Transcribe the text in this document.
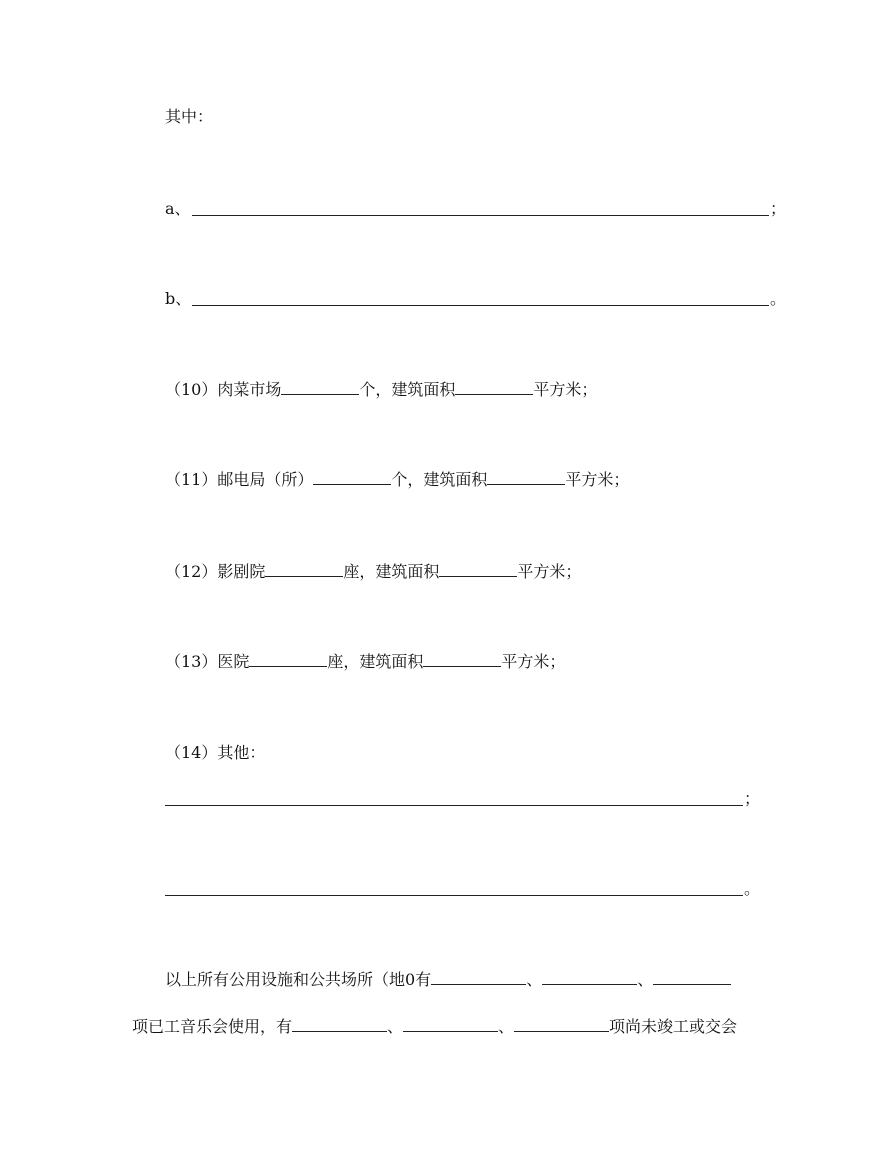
其中：
a、	；
b、	。
（10）肉菜市场	个，建筑面积	平方米；
（11）邮电局（所）	个，建筑面积	平方米；
（12）影剧院	座，建筑面积	平方米；
（13）医院	座，建筑面积	平方米；
（14）其他：
；
。
以上所有公用设施和公共场所（地0有	、	、
项已工音乐会使用，有	、	、	项尚未竣工或交会
